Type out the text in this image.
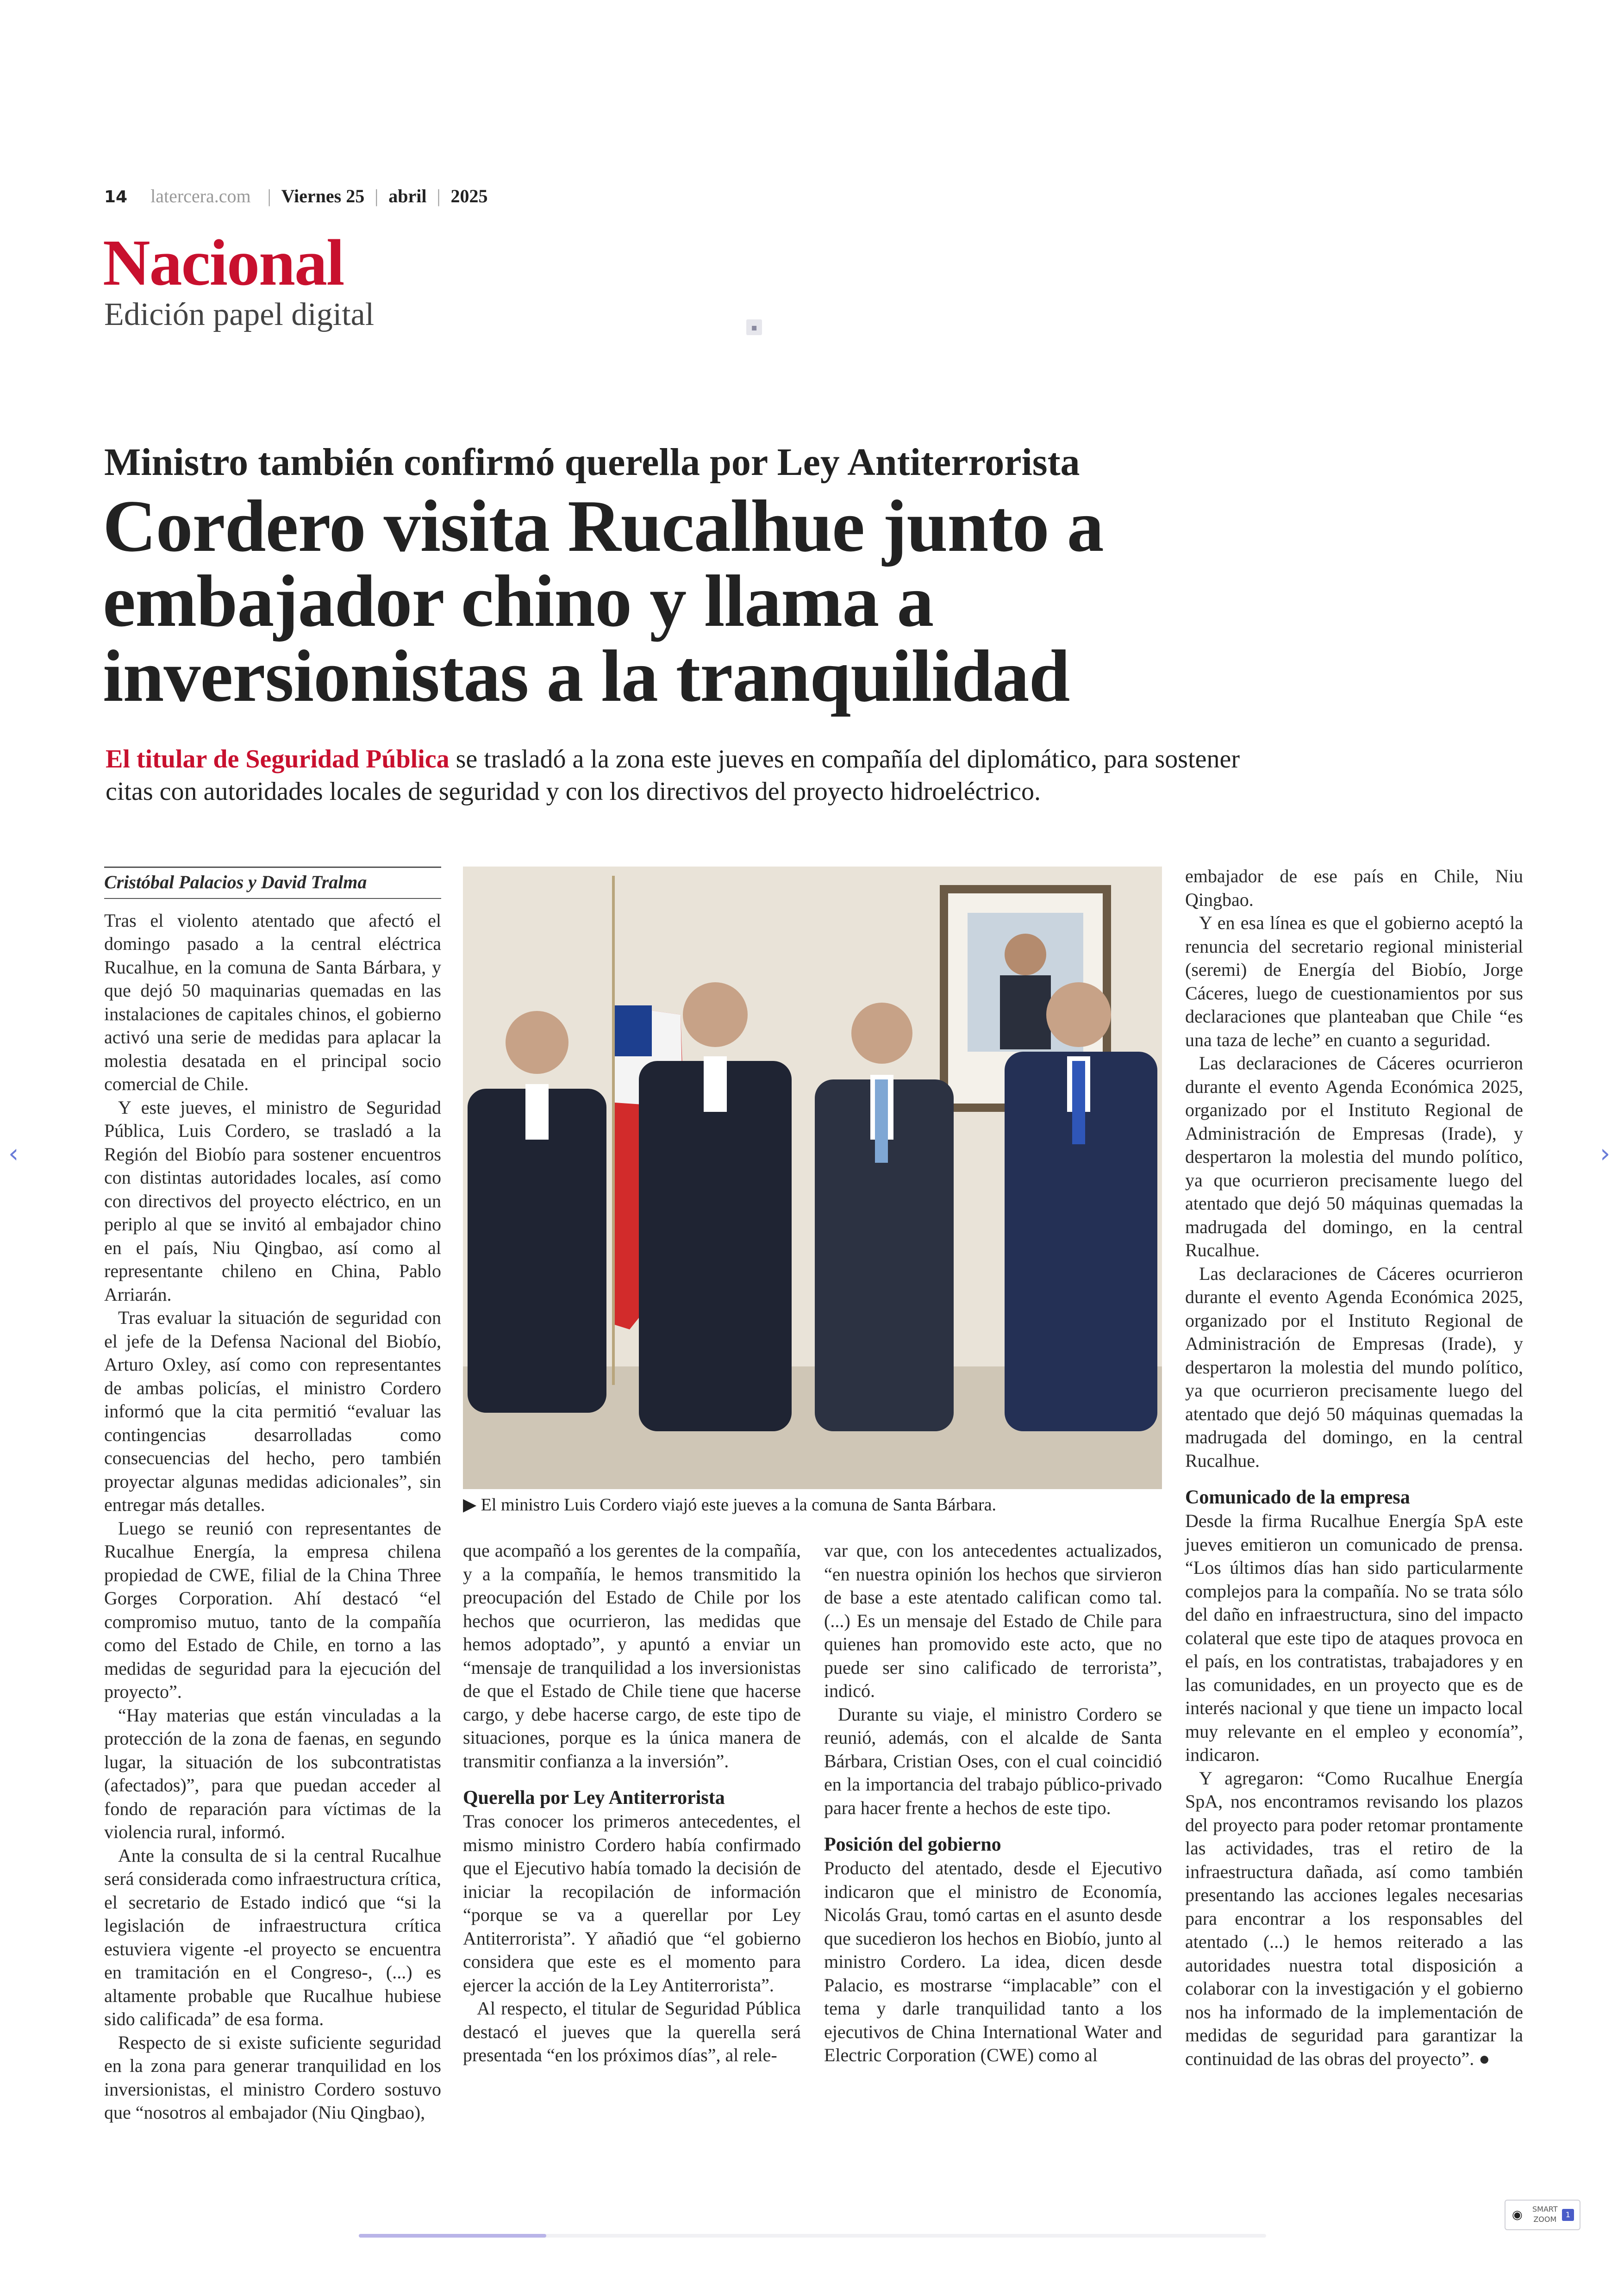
14 latercera.com | Viernes 25 | abril | 2025
Nacional
Edición papel digital	▪
Ministro también confirmó querella por Ley Antiterrorista
Cordero visita Rucalhue junto a embajador chino y llama a inversionistas a la tranquilidad
El titular de Seguridad Pública se trasladó a la zona este jueves en compañía del diplomático, para sostener citas con autoridades locales de seguridad y con los directivos del proyecto hidroeléctrico.
Cristóbal Palacios y David Tralma

Tras el violento atentado que afectó el domingo pasado a la central eléctrica Rucalhue, en la comuna de Santa Bárbara, y que dejó 50 maquinarias quemadas en las instalaciones de capitales chinos, el gobierno activó una serie de medidas para aplacar la molestia desatada en el principal socio comercial de Chile.

Y este jueves, el ministro de Seguridad Pública, Luis Cordero, se trasladó a la Región del Biobío para sostener encuentros con distintas autoridades locales, así como con directivos del proyecto eléctrico, en un periplo al que se invitó al embajador chino en el país, Niu Qingbao, así como al representante chileno en China, Pablo Arriarán.

Tras evaluar la situación de seguridad con el jefe de la Defensa Nacional del Biobío, Arturo Oxley, así como con representantes de ambas policías, el ministro Cordero informó que la cita permitió “evaluar las contingencias desarrolladas como consecuencias del hecho, pero también proyectar algunas medidas adicionales”, sin entregar más detalles.

Luego se reunió con representantes de Rucalhue Energía, la empresa chilena propiedad de CWE, filial de la China Three Gorges Corporation. Ahí destacó “el compromiso mutuo, tanto de la compañía como del Estado de Chile, en torno a las medidas de seguridad para la ejecución del proyecto”.

“Hay materias que están vinculadas a la protección de la zona de faenas, en segundo lugar, la situación de los subcontratistas (afectados)”, para que puedan acceder al fondo de reparación para víctimas de la violencia rural, informó.

Ante la consulta de si la central Rucalhue será considerada como infraestructura crítica, el secretario de Estado indicó que “si la legislación de infraestructura crítica estuviera vigente -el proyecto se encuentra en tramitación en el Congreso-, (...) es altamente probable que Rucalhue hubiese sido calificada” de esa forma.

Respecto de si existe suficiente seguridad en la zona para generar tranquilidad en los inversionistas, el ministro Cordero sostuvo que “nosotros al embajador (Niu Qingbao),

▶ El ministro Luis Cordero viajó este jueves a la comuna de Santa Bárbara.

que acompañó a los gerentes de la compañía, y a la compañía, le hemos transmitido la preocupación del Estado de Chile por los hechos que ocurrieron, las medidas que hemos adoptado”, y apuntó a enviar un “mensaje de tranquilidad a los inversionistas de que el Estado de Chile tiene que hacerse cargo, y debe hacerse cargo, de este tipo de situaciones, porque es la única manera de transmitir confianza a la inversión”.

Querella por Ley Antiterrorista

Tras conocer los primeros antecedentes, el mismo ministro Cordero había confirmado que el Ejecutivo había tomado la decisión de iniciar la recopilación de información “porque se va a querellar por Ley Antiterrorista”. Y añadió que “el gobierno considera que este es el momento para ejercer la acción de la Ley Antiterrorista”.

Al respecto, el titular de Seguridad Pública destacó el jueves que la querella será presentada “en los próximos días”, al rele-

var que, con los antecedentes actualizados, “en nuestra opinión los hechos que sirvieron de base a este atentado califican como tal. (...) Es un mensaje del Estado de Chile para quienes han promovido este acto, que no puede ser sino calificado de terrorista”, indicó.

Durante su viaje, el ministro Cordero se reunió, además, con el alcalde de Santa Bárbara, Cristian Oses, con el cual coincidió en la importancia del trabajo público-privado para hacer frente a hechos de este tipo.

Posición del gobierno

Producto del atentado, desde el Ejecutivo indicaron que el ministro de Economía, Nicolás Grau, tomó cartas en el asunto desde que sucedieron los hechos en Biobío, junto al ministro Cordero. La idea, dicen desde Palacio, es mostrarse “implacable” con el tema y darle tranquilidad tanto a los ejecutivos de China International Water and Electric Corporation (CWE) como al

embajador de ese país en Chile, Niu Qingbao.

Y en esa línea es que el gobierno aceptó la renuncia del secretario regional ministerial (seremi) de Energía del Biobío, Jorge Cáceres, luego de cuestionamientos por sus declaraciones que planteaban que Chile “es una taza de leche” en cuanto a seguridad.

Las declaraciones de Cáceres ocurrieron durante el evento Agenda Económica 2025, organizado por el Instituto Regional de Administración de Empresas (Irade), y despertaron la molestia del mundo político, ya que ocurrieron precisamente luego del atentado que dejó 50 máquinas quemadas la madrugada del domingo, en la central Rucalhue.

Las declaraciones de Cáceres ocurrieron durante el evento Agenda Económica 2025, organizado por el Instituto Regional de Administración de Empresas (Irade), y despertaron la molestia del mundo político, ya que ocurrieron precisamente luego del atentado que dejó 50 máquinas quemadas la madrugada del domingo, en la central Rucalhue.

Comunicado de la empresa

Desde la firma Rucalhue Energía SpA este jueves emitieron un comunicado de prensa. “Los últimos días han sido particularmente complejos para la compañía. No se trata sólo del daño en infraestructura, sino del impacto colateral que este tipo de ataques provoca en el país, en los contratistas, trabajadores y en las comunidades, en un proyecto que es de interés nacional y que tiene un impacto local muy relevante en el empleo y economía”, indicaron.

Y agregaron: “Como Rucalhue Energía SpA, nos encontramos revisando los plazos del proyecto para poder retomar prontamente las actividades, tras el retiro de la infraestructura dañada, así como también presentando las acciones legales necesarias para encontrar a los responsables del atentado (...) le hemos reiterado a las autoridades nuestra total disposición a colaborar con la investigación y el gobierno nos ha informado de la implementación de medidas de seguridad para garantizar la continuidad de las obras del proyecto”. ●

‹	›
◉ SMART
ZOOM
1
